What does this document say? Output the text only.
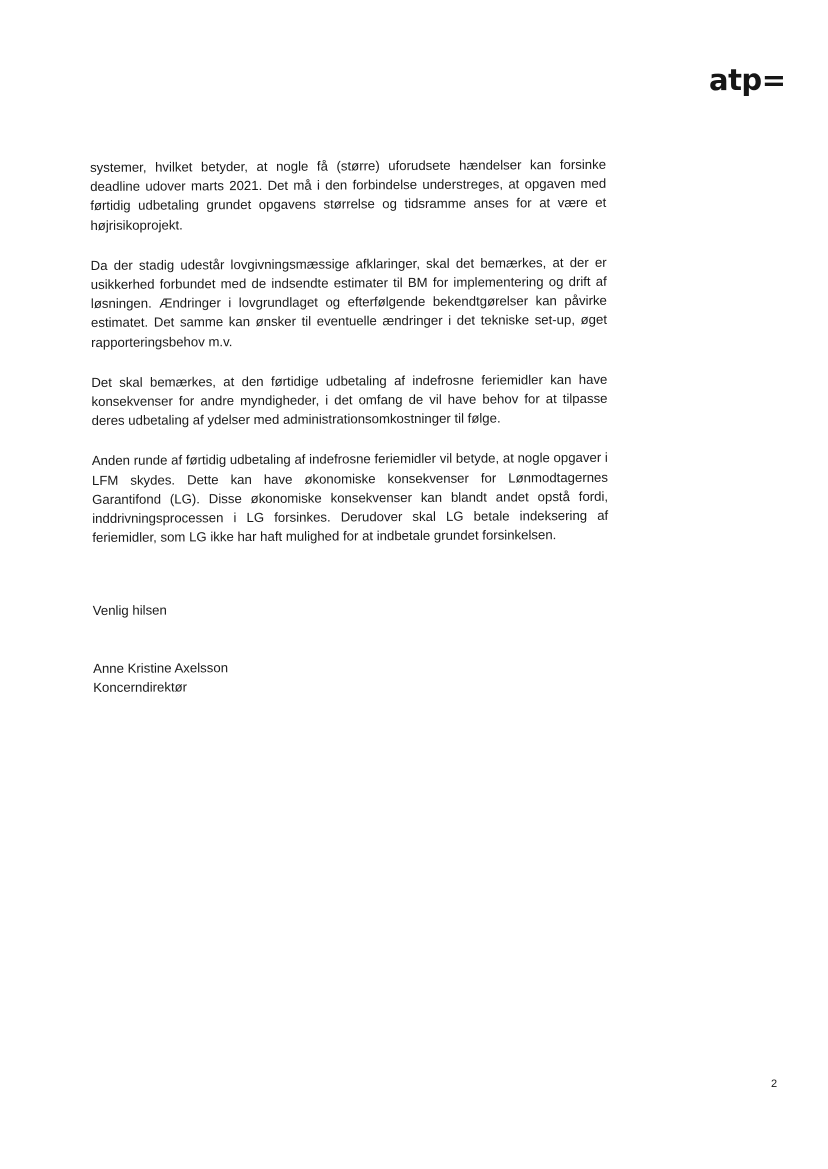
atp=

systemer, hvilket betyder, at nogle få (større) uforudsete hændelser kan forsinke deadline udover marts 2021. Det må i den forbindelse understreges, at opgaven med førtidig udbetaling grundet opgavens størrelse og tidsramme anses for at være et højrisikoprojekt.

Da der stadig udestår lovgivningsmæssige afklaringer, skal det bemærkes, at der er usikkerhed forbundet med de indsendte estimater til BM for implementering og drift af løsningen. Ændringer i lovgrundlaget og efterfølgende bekendtgørelser kan påvirke estimatet. Det samme kan ønsker til eventuelle ændringer i det tekniske set-up, øget rapporteringsbehov m.v.

Det skal bemærkes, at den førtidige udbetaling af indefrosne feriemidler kan have konsekvenser for andre myndigheder, i det omfang de vil have behov for at tilpasse deres udbetaling af ydelser med administrationsomkostninger til følge.

Anden runde af førtidig udbetaling af indefrosne feriemidler vil betyde, at nogle opgaver i LFM skydes. Dette kan have økonomiske konsekvenser for Lønmodtagernes Garantifond (LG). Disse økonomiske konsekvenser kan blandt andet opstå fordi, inddrivningsprocessen i LG forsinkes. Derudover skal LG betale indeksering af feriemidler, som LG ikke har haft mulighed for at indbetale grundet forsinkelsen.

Venlig hilsen
Anne Kristine Axelsson
Koncerndirektør
2
